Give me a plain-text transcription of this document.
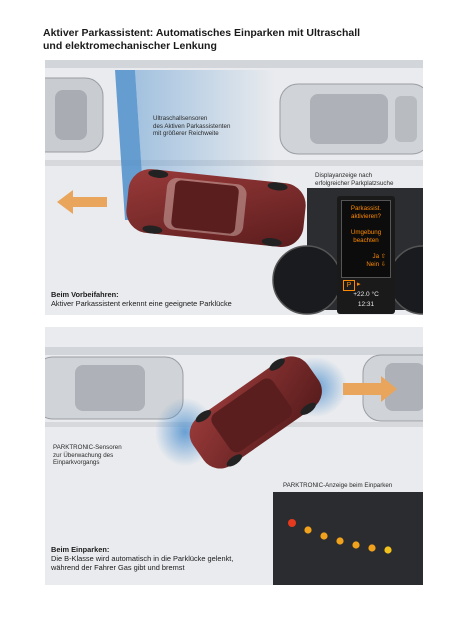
Aktiver Parkassistent: Automatisches Einparken mit Ultraschall
und elektromechanischer Lenkung
Ultraschallsensoren
des Aktiven Parkassistenten
mit größerer Reichweite
Displayanzeige nach
erfolgreicher Parkplatzsuche
Parkassist.
aktivieren?
Umgebung
beachten
Ja ⇧
Nein ⇩
P ▸
+22.0 °C
12:31
Beim Vorbeifahren:
Aktiver Parkassistent erkennt eine geeignete Parklücke
PARKTRONIC-Sensoren
zur Überwachung des
Einparkvorgangs
PARKTRONIC-Anzeige beim Einparken
Beim Einparken:
Die B-Klasse wird automatisch in die Parklücke gelenkt,
während der Fahrer Gas gibt und bremst
